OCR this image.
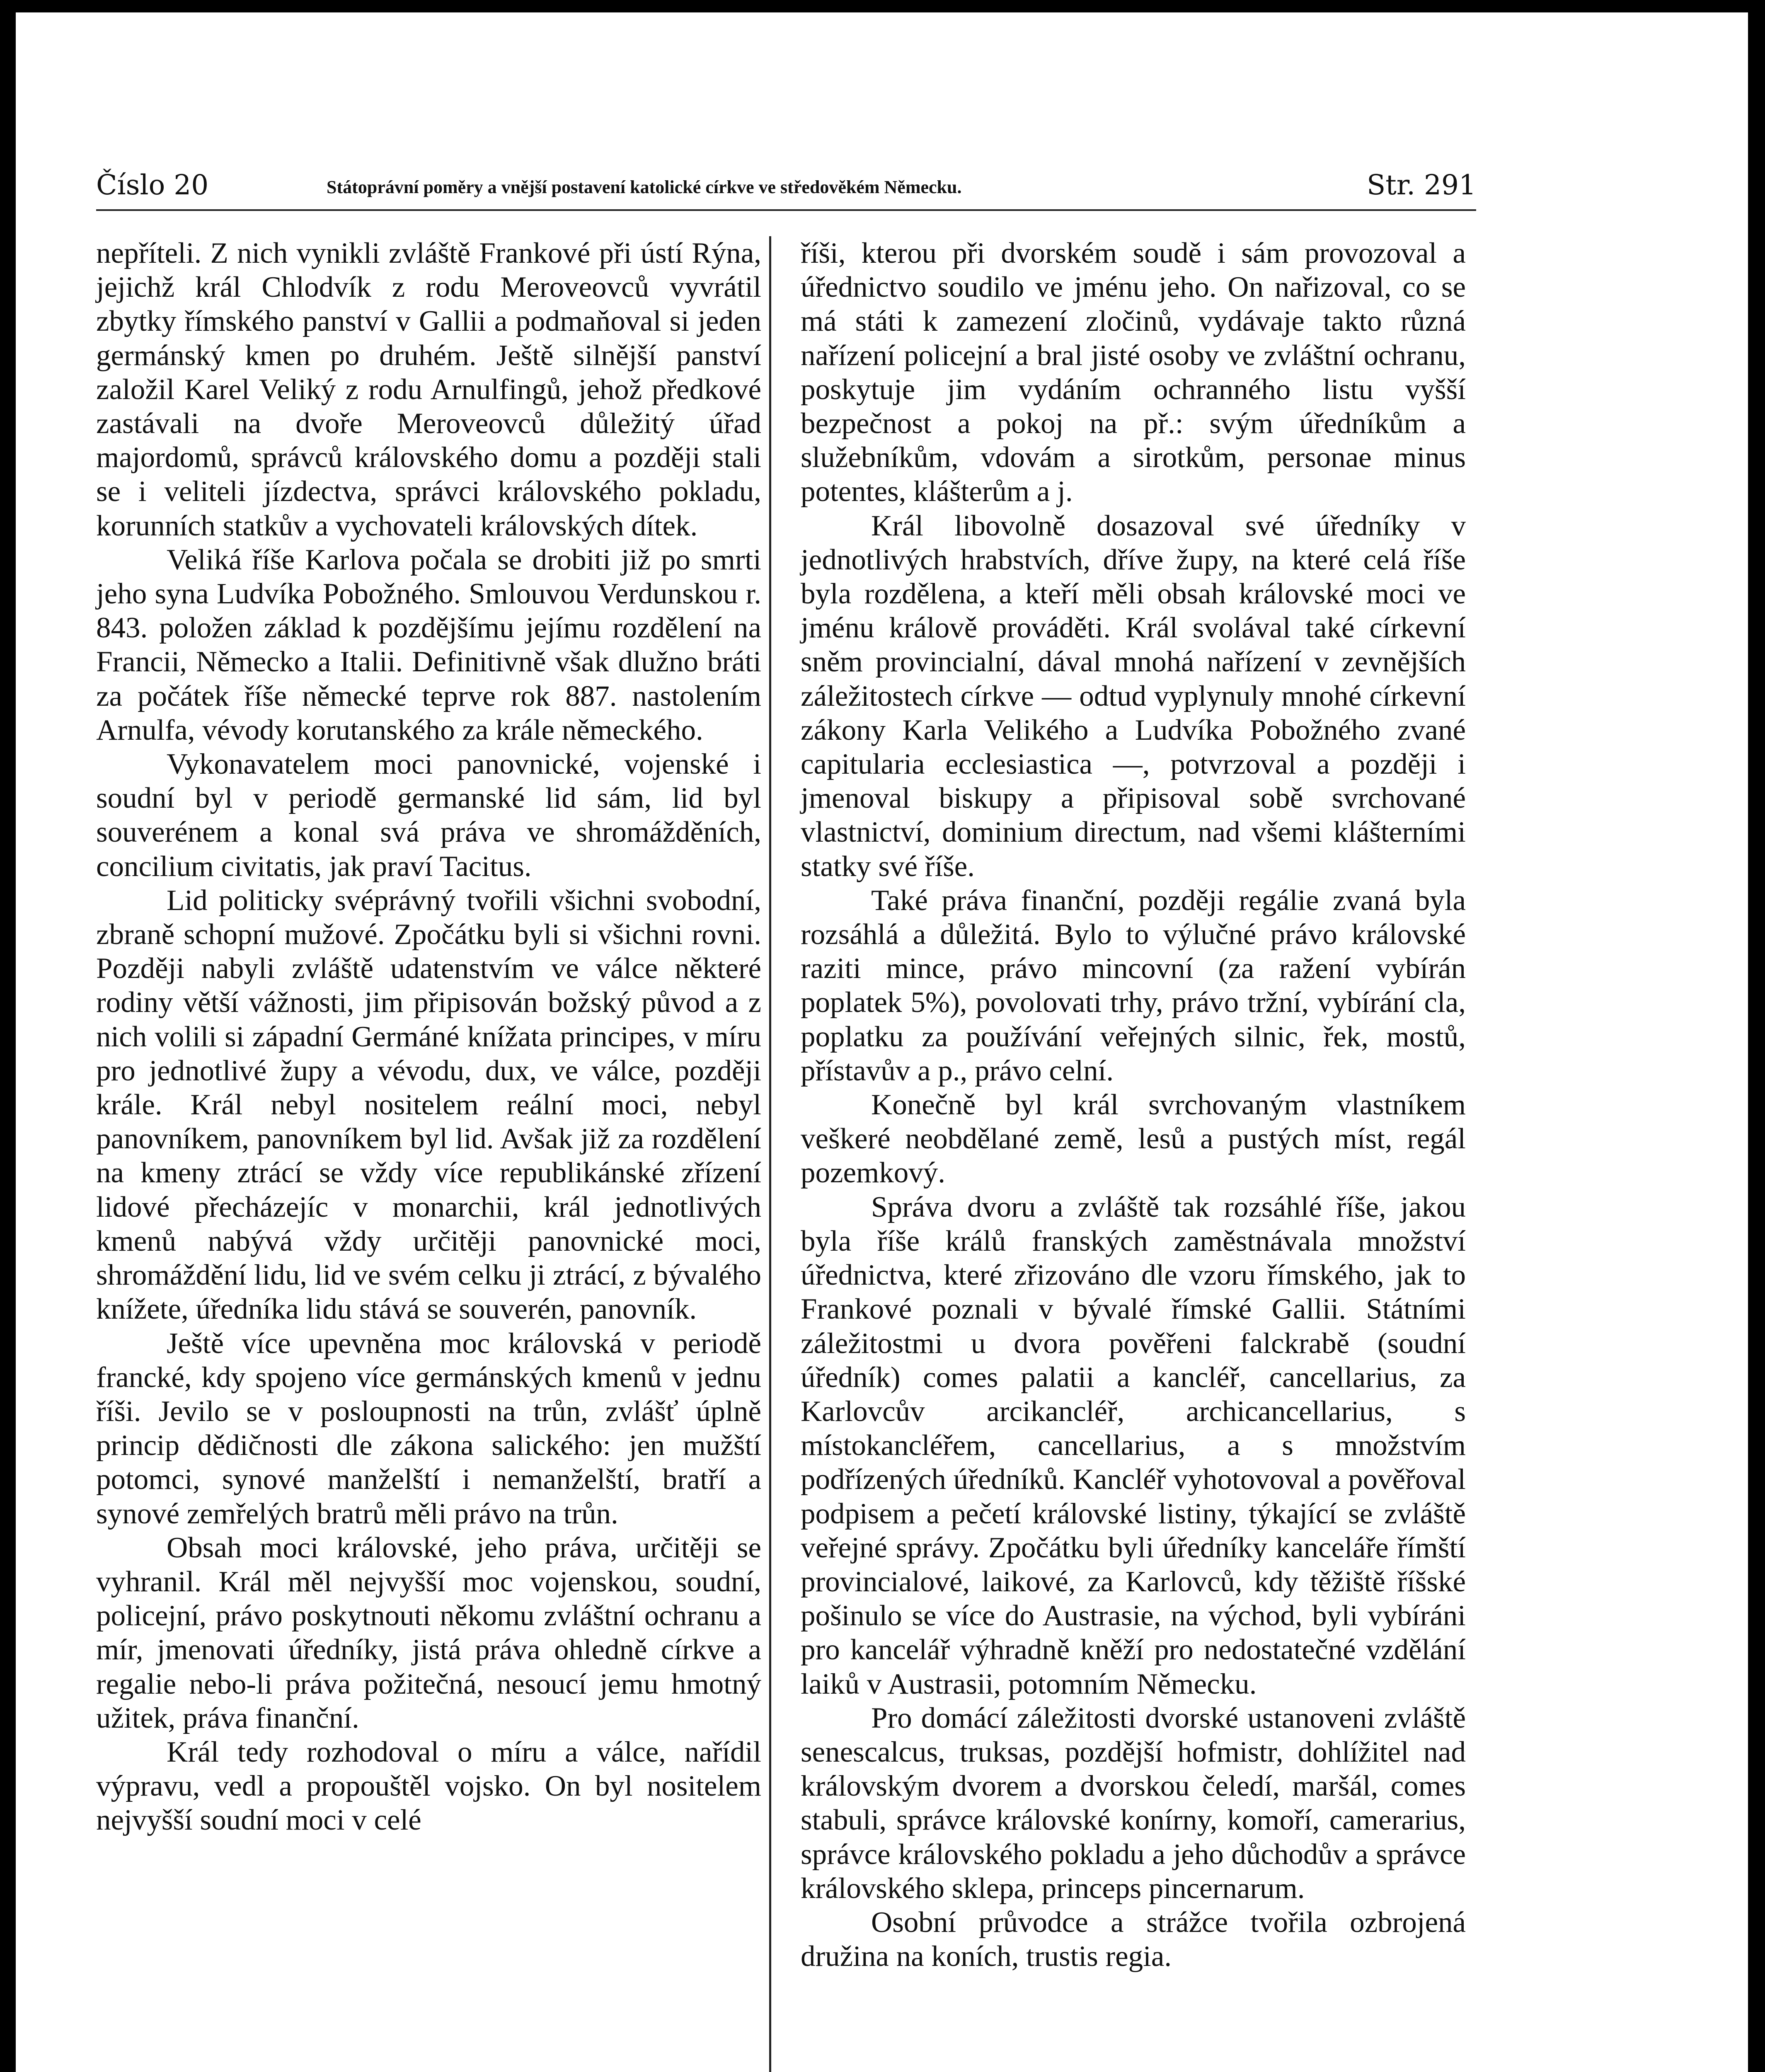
Číslo 20	Státoprávní poměry a vnější postavení katolické církve ve středověkém Německu.	Str. 291

nepříteli. Z nich vynikli zvláště Frankové při ústí Rýna, jejichž král Chlodvík z rodu Meroveovců vyvrátil zbytky římského panství v Gallii a podmaňoval si jeden germánský kmen po druhém. Ještě silnější panství založil Karel Veliký z rodu Arnulfingů, jehož předkové zastávali na dvoře Meroveovců důležitý úřad majordomů, správců královského domu a později stali se i veliteli jízdectva, správci královského pokladu, korunních statkův a vychovateli královských dítek.

Veliká říše Karlova počala se drobiti již po smrti jeho syna Ludvíka Pobožného. Smlouvou Verdunskou r. 843. položen základ k pozdějšímu jejímu rozdělení na Francii, Německo a Italii. Definitivně však dlužno bráti za počátek říše německé teprve rok 887. nastolením Arnulfa, vévody korutanského za krále německého.

Vykonavatelem moci panovnické, vojenské i soudní byl v periodě germanské lid sám, lid byl souverénem a konal svá práva ve shromážděních, concilium civitatis, jak praví Tacitus.

Lid politicky svéprávný tvořili všichni svobodní, zbraně schopní mužové. Zpočátku byli si všichni rovni. Později nabyli zvláště udatenstvím ve válce některé rodiny větší vážnosti, jim připisován božský původ a z nich volili si západní Germáné knížata principes, v míru pro jednotlivé župy a vévodu, dux, ve válce, později krále. Král nebyl nositelem reální moci, nebyl panovníkem, panovníkem byl lid. Avšak již za rozdělení na kmeny ztrácí se vždy více republikánské zřízení lidové přecházejíc v monarchii, král jednotlivých kmenů nabývá vždy určitěji panovnické moci, shromáždění lidu, lid ve svém celku ji ztrácí, z bývalého knížete, úředníka lidu stává se souverén, panovník.

Ještě více upevněna moc královská v periodě francké, kdy spojeno více germánských kmenů v jednu říši. Jevilo se v posloupnosti na trůn, zvlášť úplně princip dědičnosti dle zákona salického: jen mužští potomci, synové manželští i nemanželští, bratří a synové zemřelých bratrů měli právo na trůn.

Obsah moci královské, jeho práva, určitěji se vyhranil. Král měl nejvyšší moc vojenskou, soudní, policejní, právo poskytnouti někomu zvláštní ochranu a mír, jmenovati úředníky, jistá práva ohledně církve a regalie nebo-li práva požitečná, nesoucí jemu hmotný užitek, práva finanční.

Král tedy rozhodoval o míru a válce, nařídil výpravu, vedl a propouštěl vojsko. On byl nositelem nejvyšší soudní moci v celé

říši, kterou při dvorském soudě i sám provozoval a úřednictvo soudilo ve jménu jeho. On nařizoval, co se má státi k zamezení zločinů, vydávaje takto různá nařízení policejní a bral jisté osoby ve zvláštní ochranu, poskytuje jim vydáním ochranného listu vyšší bezpečnost a pokoj na př.: svým úředníkům a služebníkům, vdovám a sirotkům, personae minus potentes, klášterům a j.

Král libovolně dosazoval své úředníky v jednotlivých hrabstvích, dříve župy, na které celá říše byla rozdělena, a kteří měli obsah královské moci ve jménu králově prováděti. Král svolával také církevní sněm provincialní, dával mnohá nařízení v zevnějších záležitostech církve — odtud vyplynuly mnohé církevní zákony Karla Velikého a Ludvíka Pobožného zvané capitularia ecclesiastica —, potvrzoval a později i jmenoval biskupy a připisoval sobě svrchované vlastnictví, dominium directum, nad všemi klášterními statky své říše.

Také práva finanční, později regálie zvaná byla rozsáhlá a důležitá. Bylo to výlučné právo královské raziti mince, právo mincovní (za ražení vybírán poplatek 5%), povolovati trhy, právo tržní, vybírání cla, poplatku za používání veřejných silnic, řek, mostů, přístavův a p., právo celní.

Konečně byl král svrchovaným vlastníkem veškeré neobdělané země, lesů a pustých míst, regál pozemkový.

Správa dvoru a zvláště tak rozsáhlé říše, jakou byla říše králů franských zaměstnávala množství úřednictva, které zřizováno dle vzoru římského, jak to Frankové poznali v bývalé římské Gallii. Státními záležitostmi u dvora pověřeni falckrabě (soudní úředník) comes palatii a kancléř, cancellarius, za Karlovcův arcikancléř, archicancellarius, s místokancléřem, cancellarius, a s množstvím podřízených úředníků. Kancléř vyhotovoval a pověřoval podpisem a pečetí královské listiny, týkající se zvláště veřejné správy. Zpočátku byli úředníky kanceláře římští provincialové, laikové, za Karlovců, kdy těžiště říšské pošinulo se více do Austrasie, na východ, byli vybíráni pro kancelář výhradně kněží pro nedostatečné vzdělání laiků v Austrasii, potomním Německu.

Pro domácí záležitosti dvorské ustanoveni zvláště senescalcus, truksas, pozdější hofmistr, dohlížitel nad královským dvorem a dvorskou čeledí, maršál, comes stabuli, správce královské konírny, komoří, camerarius, správce královského pokladu a jeho důchodův a správce královského sklepa, princeps pincernarum.

Osobní průvodce a strážce tvořila ozbrojená družina na koních, trustis regia.
